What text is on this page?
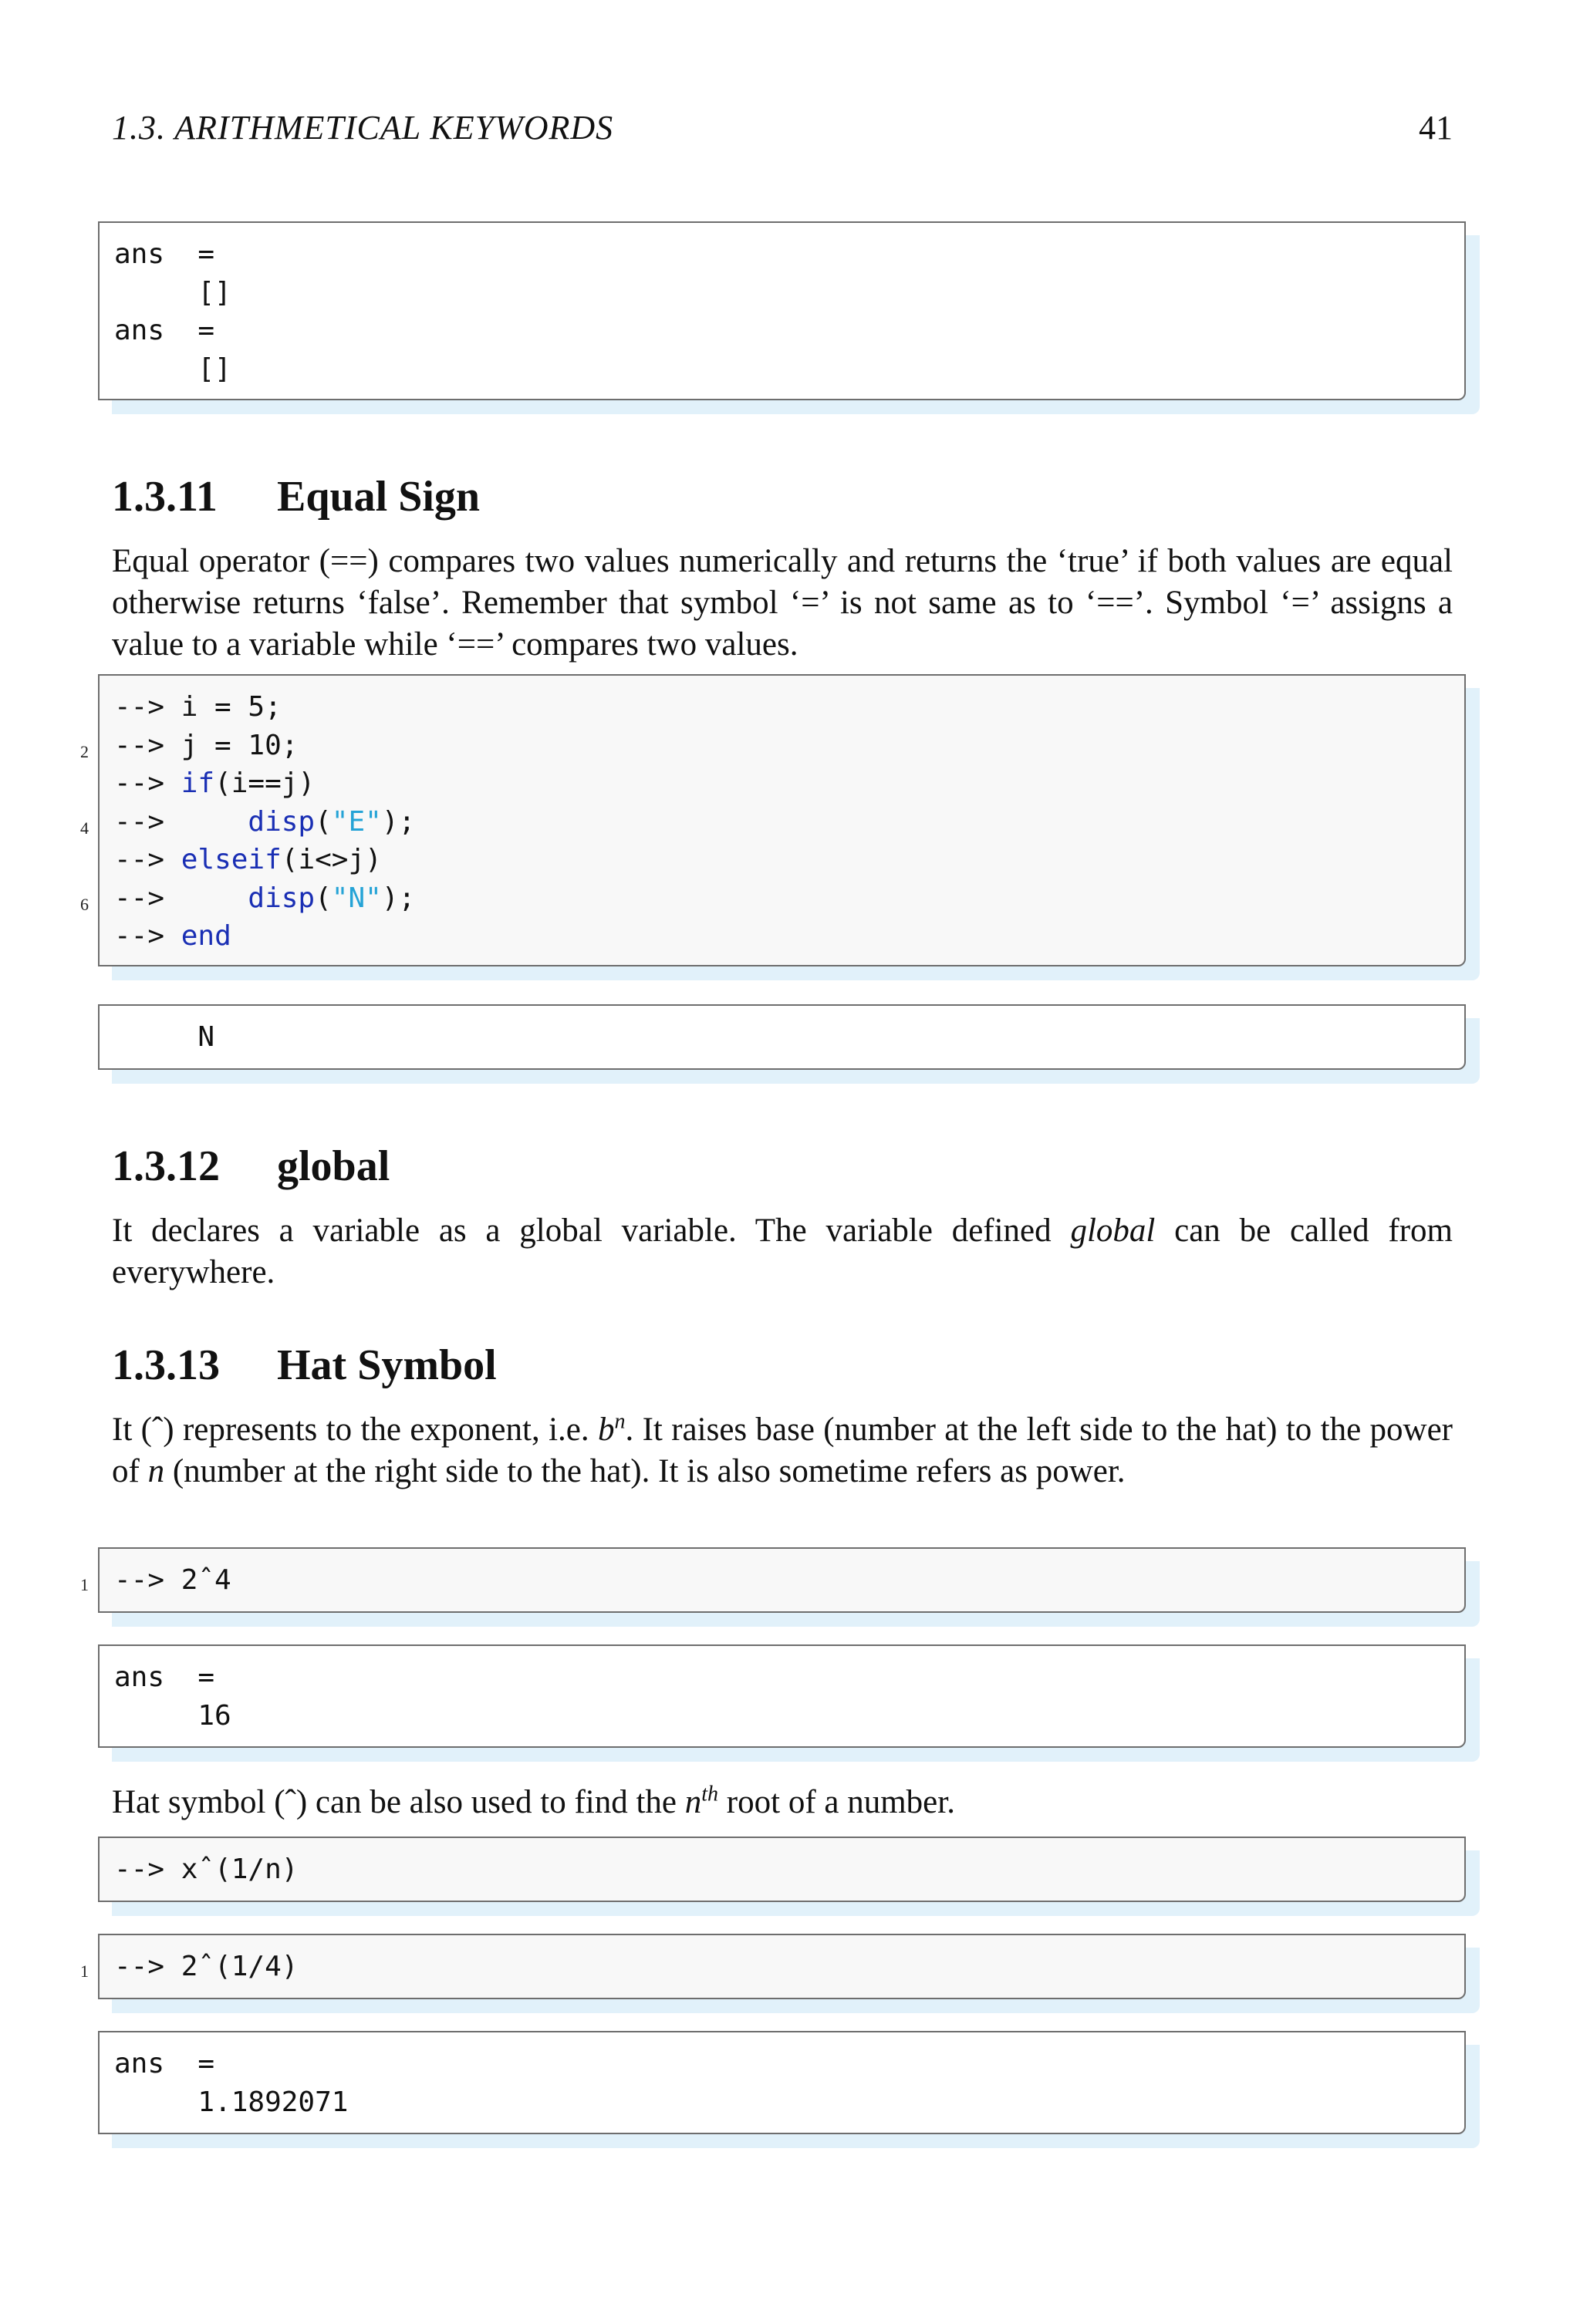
1.3. ARITHMETICAL KEYWORDS	41
ans  =
[]
ans  =
[]
1.3.11 Equal Sign

Equal operator (==) compares two values numerically and returns the ‘true’ if both values are equal otherwise returns ‘false’. Remember that symbol ‘=’ is not same as to ‘==’. Symbol ‘=’ assigns a value to a variable while ‘==’ compares two values.

--> i = 5;
--> j = 10;
--> if(i==j)
-->	disp("E");
--> elseif(i<>j)
-->	disp("N");
--> end
2
4
6
N
1.3.12 global

It declares a variable as a global variable. The variable defined global can be called from everywhere.

1.3.13 Hat Symbol

It (ˆ) represents to the exponent, i.e. $b^n$. It raises base (number at the left side to the hat) to the power of n (number at the right side to the hat). It is also sometime refers as power.

--> 2ˆ4
1
ans  =
16

Hat symbol (ˆ) can be also used to find the $n^{th}$ root of a number.

--> xˆ(1/n)
--> 2ˆ(1/4)
1
ans  =
1.1892071
